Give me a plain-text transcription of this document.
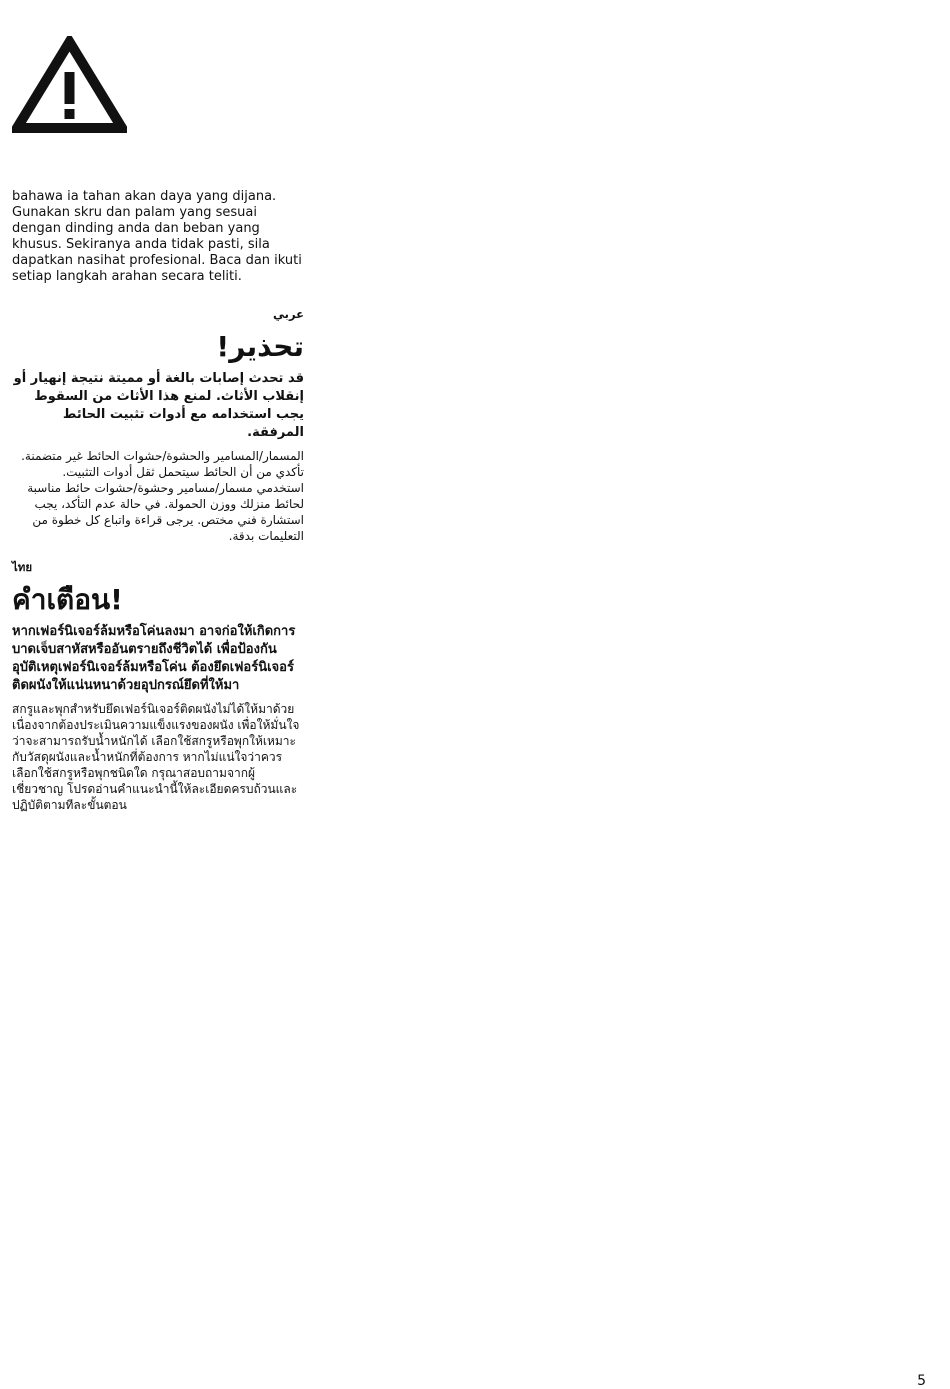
bahawa ia tahan akan daya yang dijana. Gunakan skru dan palam yang sesuai dengan dinding anda dan beban yang khusus. Sekiranya anda tidak pasti, sila dapatkan nasihat profesional. Baca dan ikuti setiap langkah arahan secara teliti.

عربي
تحذير!
قد تحدث إصابات بالغة أو مميتة نتيجة إنهيار أو إنقلاب الأثاث. لمنع هذا الأثاث من السقوط يجب استخدامه مع أدوات تثبيت الحائط المرفقة.

المسمار/المسامير والحشوة/حشوات الحائط غير متضمنة. تأكدي من أن الحائط سيتحمل ثقل أدوات التثبيت. استخدمي مسمار/مسامير وحشوة/حشوات حائط مناسبة لحائط منزلك ووزن الحمولة. في حالة عدم التأكد، يجب استشارة فني مختص. يرجى قراءة واتباع كل خطوة من التعليمات بدقة.

ไทย
คำเตือน!
หากเฟอร์นิเจอร์ล้มหรือโค่นลงมา อาจก่อให้เกิดการบาดเจ็บสาหัสหรืออันตรายถึงชีวิตได้ เพื่อป้องกันอุบัติเหตุเฟอร์นิเจอร์ล้มหรือโค่น ต้องยึดเฟอร์นิเจอร์ติดผนังให้แน่นหนาด้วยอุปกรณ์ยึดที่ให้มา

สกรูและพุกสำหรับยึดเฟอร์นิเจอร์ติดผนังไม่ได้ให้มาด้วย เนื่องจากต้องประเมินความแข็งแรงของผนัง เพื่อให้มั่นใจว่าจะสามารถรับน้ำหนักได้ เลือกใช้สกรูหรือพุกให้เหมาะกับวัสดุผนังและน้ำหนักที่ต้องการ หากไม่แน่ใจว่าควรเลือกใช้สกรูหรือพุกชนิดใด กรุณาสอบถามจากผู้เชี่ยวชาญ โปรดอ่านคำแนะนำนี้ให้ละเอียดครบถ้วนและปฏิบัติตามทีละขั้นตอน

5
